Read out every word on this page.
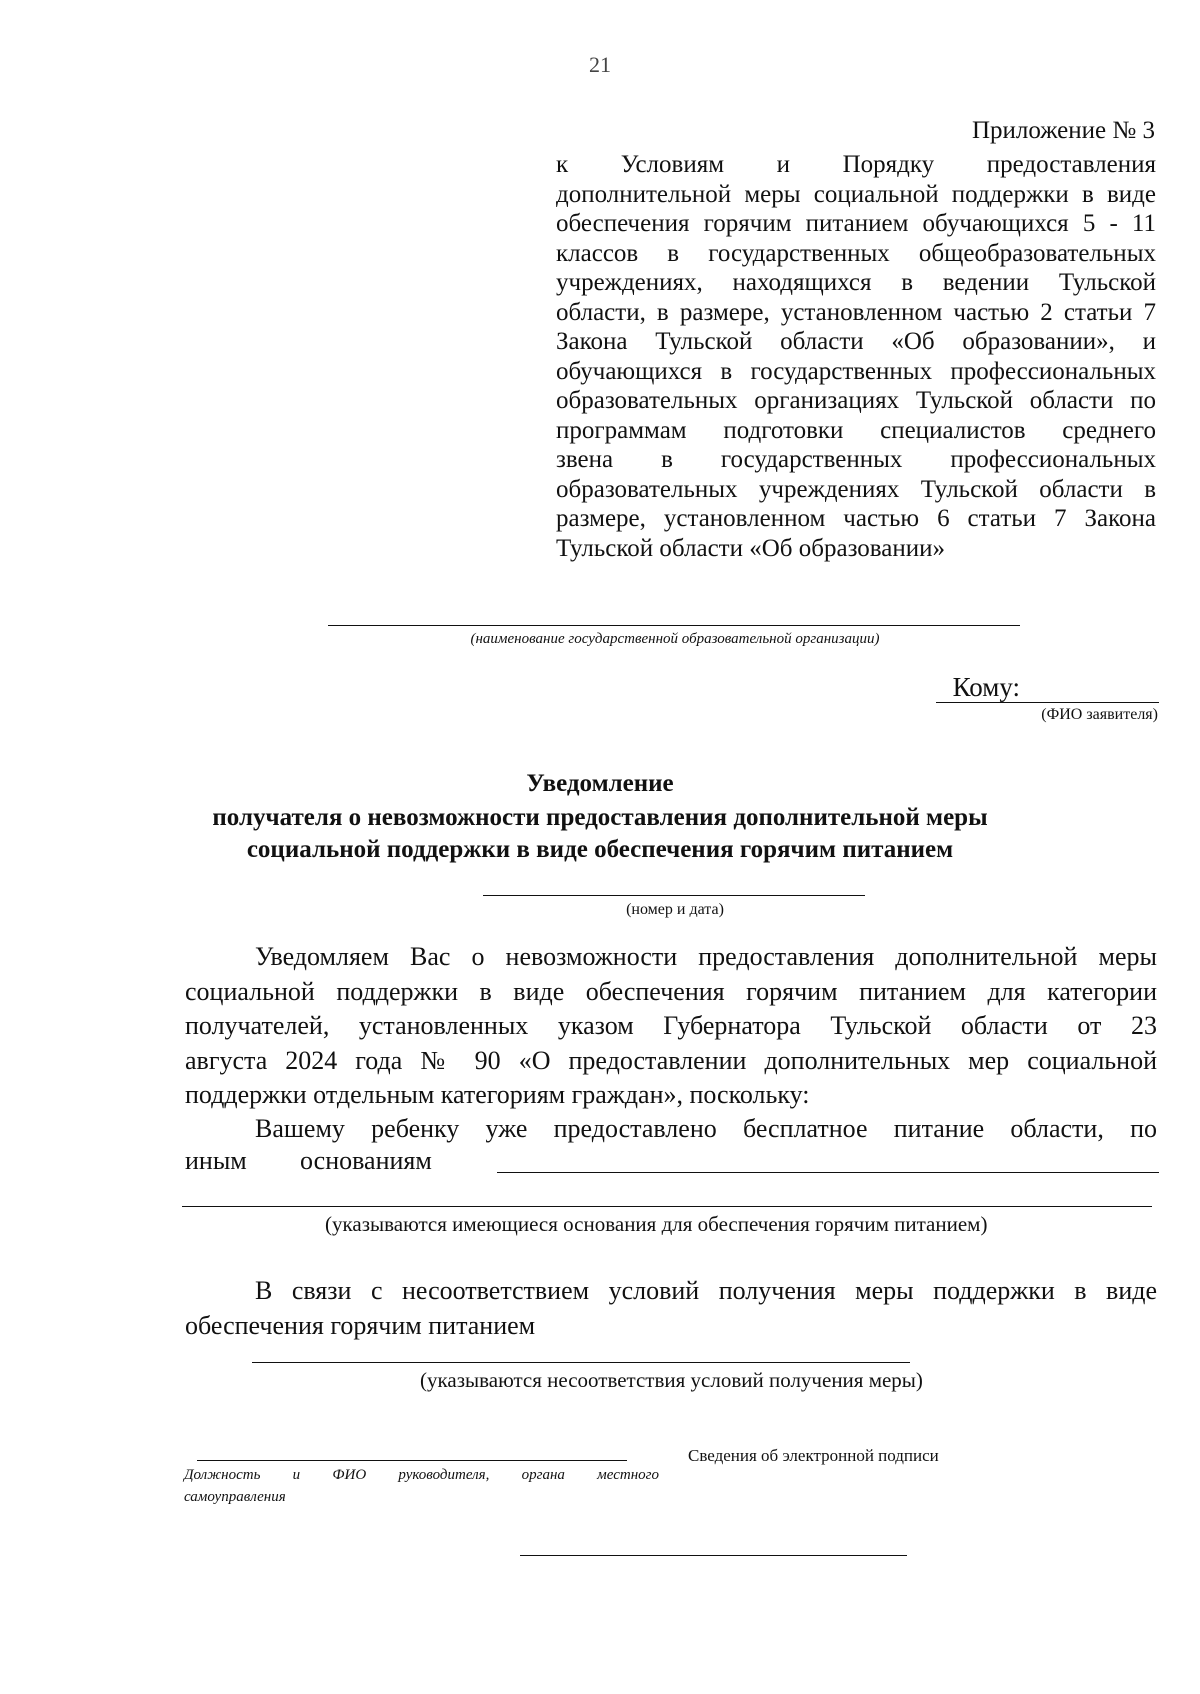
21
Приложение № 3
к Условиям и Порядку предоставления
дополнительной меры социальной поддержки в виде
обеспечения горячим питанием обучающихся 5 - 11
классов в государственных общеобразовательных
учреждениях, находящихся в ведении Тульской
области, в размере, установленном частью 2 статьи 7
Закона Тульской области «Об образовании», и
обучающихся в государственных профессиональных
образовательных организациях Тульской области по
программам подготовки специалистов среднего
звена в государственных профессиональных
образовательных учреждениях Тульской области в
размере, установленном частью 6 статьи 7 Закона
Тульской области «Об образовании»
(наименование государственной образовательной организации)
Кому:
(ФИО заявителя)
Уведомление
получателя о невозможности предоставления дополнительной меры
социальной поддержки в виде обеспечения горячим питанием
(номер и дата)
Уведомляем Вас о невозможности предоставления дополнительной меры
социальной поддержки в виде обеспечения горячим питанием для категории
получателей, установленных указом Губернатора Тульской области от 23
августа 2024 года № 90 «О предоставлении дополнительных мер социальной
поддержки отдельным категориям граждан», поскольку:
Вашему ребенку уже предоставлено бесплатное питание области, по
иным основаниям
(указываются имеющиеся основания для обеспечения горячим питанием)
В связи с несоответствием условий получения меры поддержки в виде
обеспечения горячим питанием
(указываются несоответствия условий получения меры)
Должность и ФИО руководителя, органа местного
самоуправления
Сведения об электронной подписи
